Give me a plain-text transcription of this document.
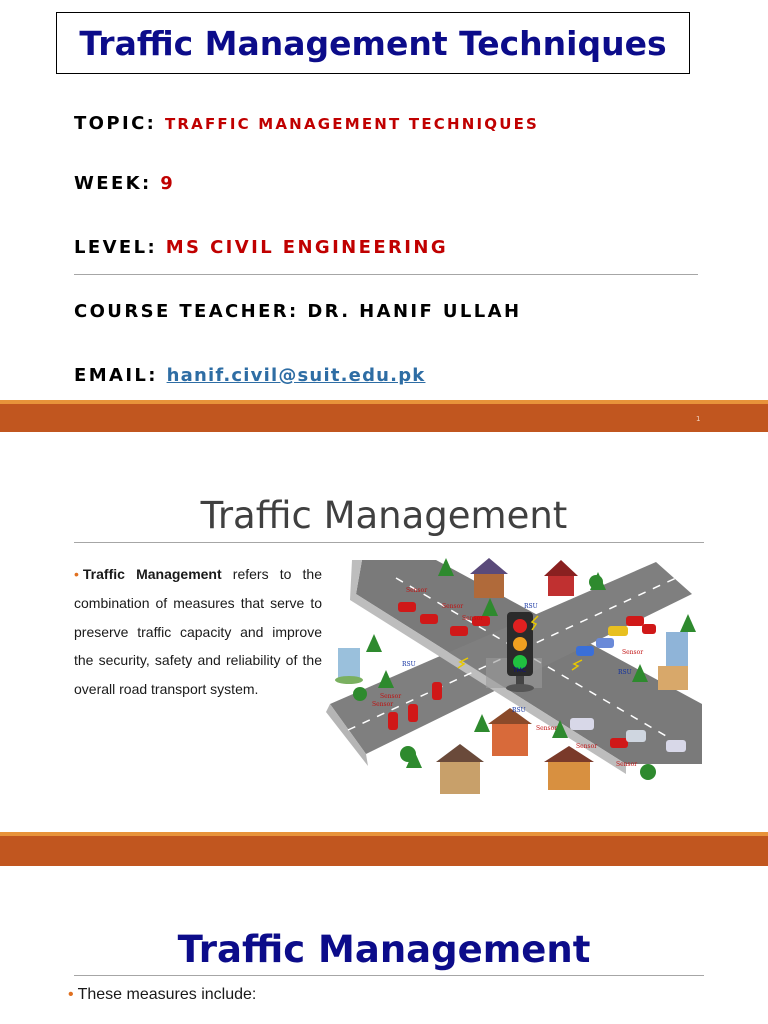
Traffic Management Techniques
TOPIC: TRAFFIC MANAGEMENT TECHNIQUES
WEEK: 9
LEVEL: MS CIVIL ENGINEERING
COURSE TEACHER: DR. HANIF ULLAH
EMAIL: hanif.civil@suit.edu.pk
1
Traffic Management
• Traffic Management refers to the combination of measures that serve to preserve traffic capacity and improve the security, safety and reliability of the overall road transport system.
TMC
Sensor
Sensor
Sensor
Sensor
Sensor
Sensor
Sensor
Sensor
Sensor
RSU
RSU
RSU
RSU
Traffic Management
• These measures include:
